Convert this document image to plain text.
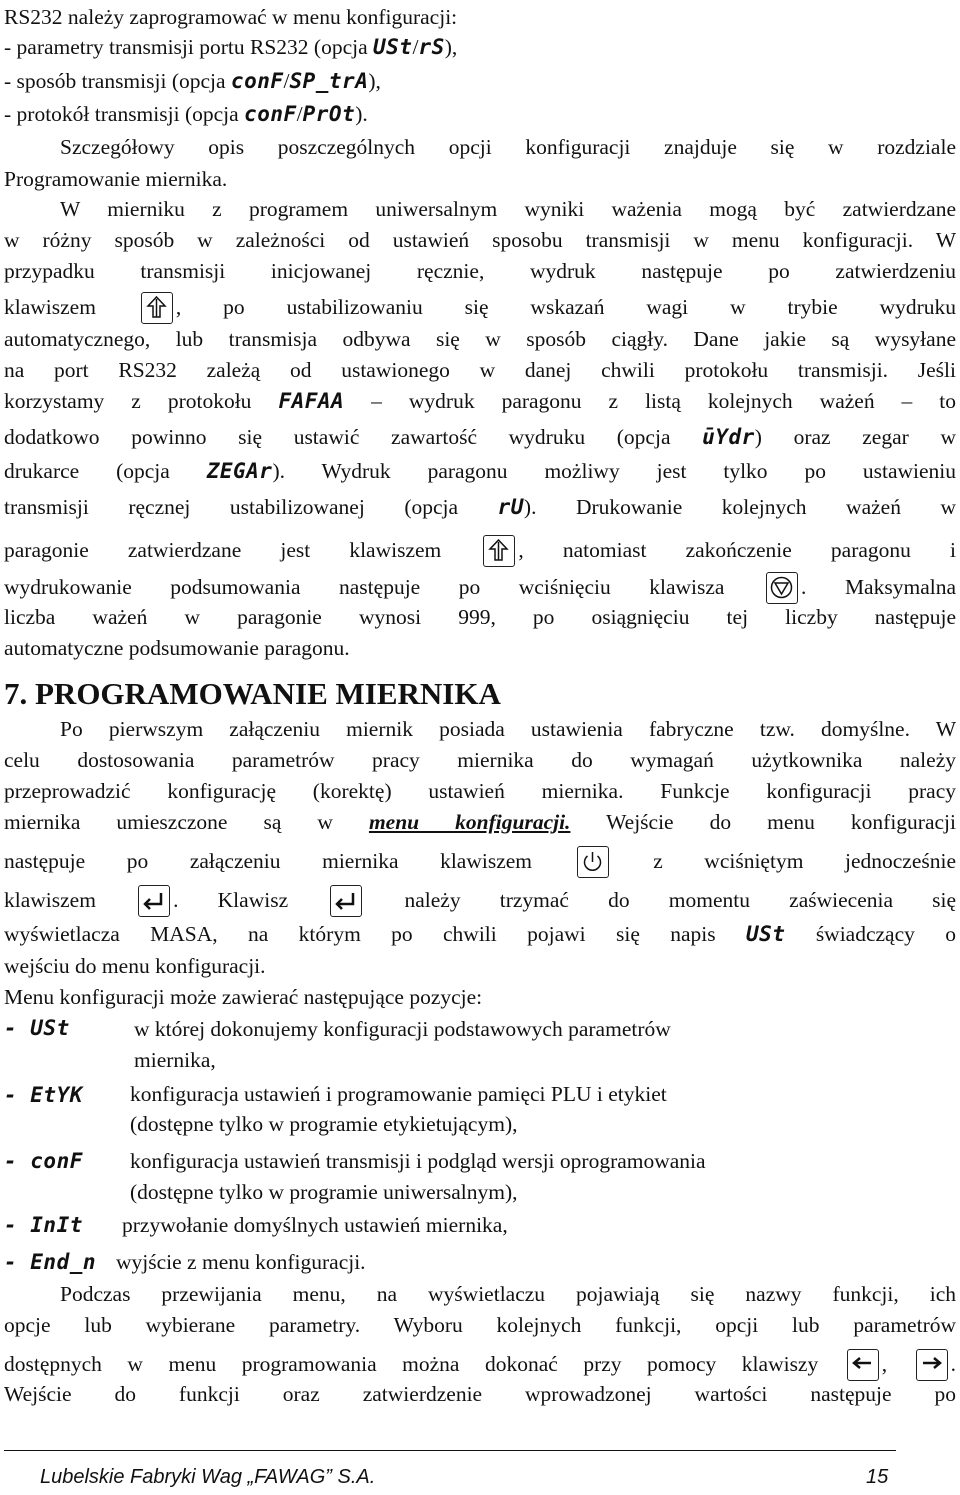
RS232 należy zaprogramować w menu konfiguracji:
- parametry transmisji portu RS232 (opcja USt/rS),
- sposób transmisji (opcja conF/SP_trA),
- protokół transmisji (opcja conF/PrOt).
Szczegółowy opis poszczególnych opcji konfiguracji znajduje się w rozdziale
Programowanie miernika.
W mierniku z programem uniwersalnym wyniki ważenia mogą być zatwierdzane
w różny sposób w zależności od ustawień sposobu transmisji w menu konfiguracji. W
przypadku transmisji inicjowanej ręcznie, wydruk następuje po zatwierdzeniu
klawiszem	, po ustabilizowaniu się wskazań wagi w trybie wydruku
automatycznego, lub transmisja odbywa się w sposób ciągły. Dane jakie są wysyłane
na port RS232 zależą od ustawionego w danej chwili protokołu transmisji. Jeśli
korzystamy z protokołu FAFAA – wydruk paragonu z listą kolejnych ważeń – to
dodatkowo powinno się ustawić zawartość wydruku (opcja ūYdr) oraz zegar w
drukarce (opcja ZEGAr). Wydruk paragonu możliwy jest tylko po ustawieniu
transmisji ręcznej ustabilizowanej (opcja rU). Drukowanie kolejnych ważeń w
paragonie zatwierdzane jest klawiszem	, natomiast zakończenie paragonu i
wydrukowanie podsumowania następuje po wciśnięciu klawisza	. Maksymalna
liczba ważeń w paragonie wynosi 999, po osiągnięciu tej liczby następuje
automatyczne podsumowanie paragonu.
7. PROGRAMOWANIE MIERNIKA
Po pierwszym załączeniu miernik posiada ustawienia fabryczne tzw. domyślne. W
celu dostosowania parametrów pracy miernika do wymagań użytkownika należy
przeprowadzić konfigurację (korektę) ustawień miernika. Funkcje konfiguracji pracy
miernika umieszczone są w menu konfiguracji. Wejście do menu konfiguracji
następuje po załączeniu miernika klawiszem	z wciśniętym jednocześnie
klawiszem	. Klawisz	należy trzymać do momentu zaświecenia się
wyświetlacza MASA, na którym po chwili pojawi się napis USt świadczący o
wejściu do menu konfiguracji.
Menu konfiguracji może zawierać następujące pozycje:
- USt	w której dokonujemy konfiguracji podstawowych parametrów
miernika,
- EtYK konfiguracja ustawień i programowanie pamięci PLU i etykiet
(dostępne tylko w programie etykietującym),
- conF konfiguracja ustawień transmisji i podgląd wersji oprogramowania
(dostępne tylko w programie uniwersalnym),
- InIt przywołanie domyślnych ustawień miernika,
- End_n wyjście z menu konfiguracji.
Podczas przewijania menu, na wyświetlaczu pojawiają się nazwy funkcji, ich
opcje lub wybierane parametry. Wyboru kolejnych funkcji, opcji lub parametrów
dostępnych w menu programowania można dokonać przy pomocy klawiszy	,	.
Wejście do funkcji oraz zatwierdzenie wprowadzonej wartości następuje po
Lubelskie Fabryki Wag „FAWAG” S.A.	15
